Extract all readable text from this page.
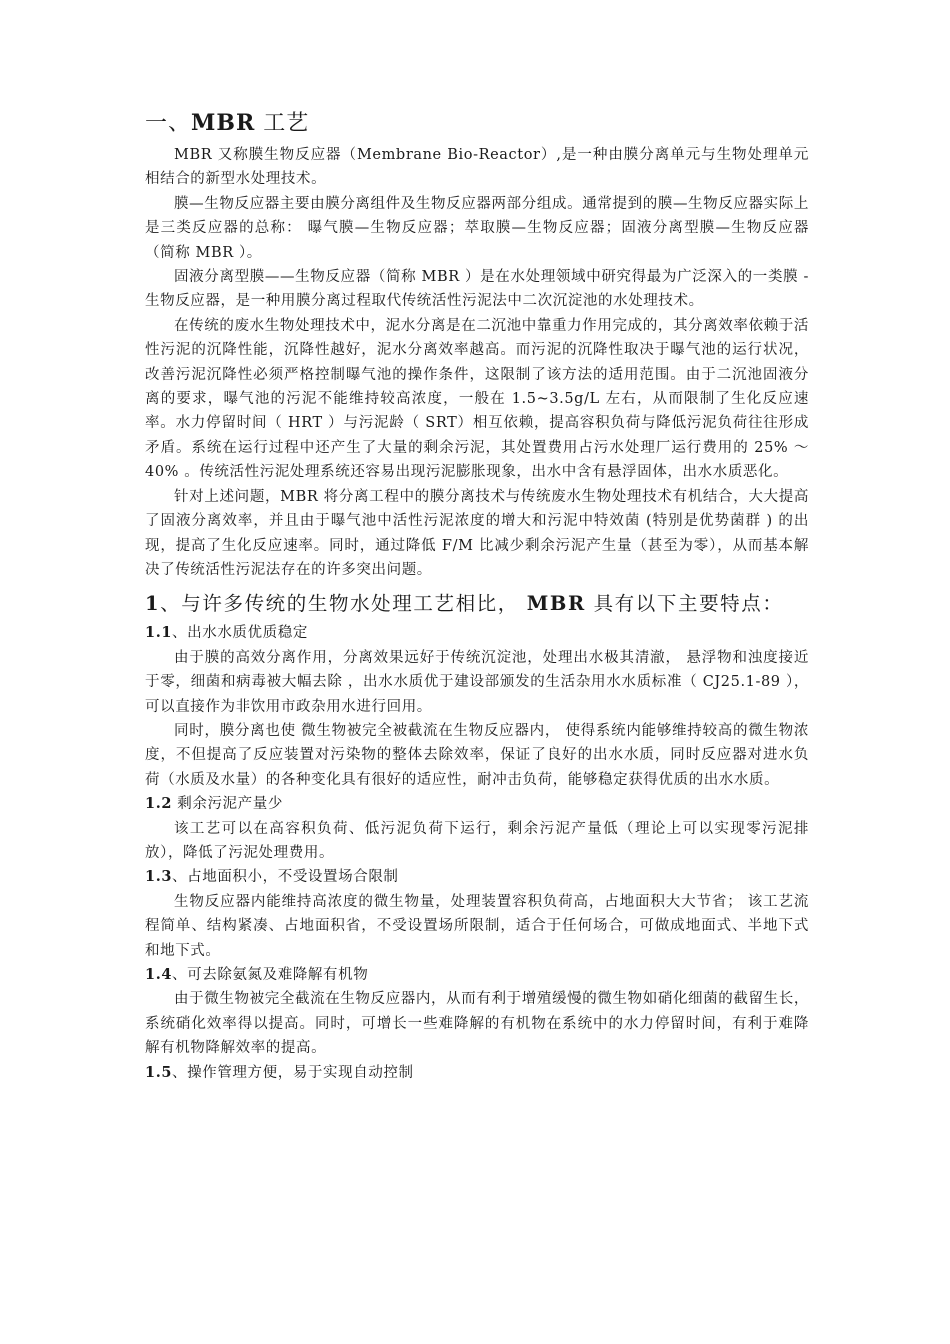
一、MBR 工艺

MBR 又称膜生物反应器（Membrane Bio-Reactor）,是一种由膜分离单元与生物处理单元相结合的新型水处理技术。

膜—生物反应器主要由膜分离组件及生物反应器两部分组成。通常提到的膜—生物反应器实际上是三类反应器的总称： 曝气膜—生物反应器；萃取膜—生物反应器；固液分离型膜—生物反应器（简称 MBR ）。

固液分离型膜——生物反应器（简称 MBR ）是在水处理领域中研究得最为广泛深入的一类膜 -生物反应器，是一种用膜分离过程取代传统活性污泥法中二次沉淀池的水处理技术。

在传统的废水生物处理技术中，泥水分离是在二沉池中靠重力作用完成的，其分离效率依赖于活性污泥的沉降性能，沉降性越好，泥水分离效率越高。而污泥的沉降性取决于曝气池的运行状况，改善污泥沉降性必须严格控制曝气池的操作条件，这限制了该方法的适用范围。由于二沉池固液分离的要求，曝气池的污泥不能维持较高浓度，一般在 1.5~3.5g/L 左右，从而限制了生化反应速率。水力停留时间（ HRT ）与污泥龄（ SRT）相互依赖，提高容积负荷与降低污泥负荷往往形成矛盾。系统在运行过程中还产生了大量的剩余污泥，其处置费用占污水处理厂运行费用的 25% ～40% 。传统活性污泥处理系统还容易出现污泥膨胀现象，出水中含有悬浮固体，出水水质恶化。

针对上述问题，MBR 将分离工程中的膜分离技术与传统废水生物处理技术有机结合，大大提高了固液分离效率，并且由于曝气池中活性污泥浓度的增大和污泥中特效菌 (特别是优势菌群 ) 的出现，提高了生化反应速率。同时，通过降低 F/M 比减少剩余污泥产生量（甚至为零），从而基本解决了传统活性污泥法存在的许多突出问题。

1、与许多传统的生物水处理工艺相比， MBR 具有以下主要特点：
1.1、出水水质优质稳定

由于膜的高效分离作用，分离效果远好于传统沉淀池，处理出水极其清澈， 悬浮物和浊度接近于零，细菌和病毒被大幅去除 ，出水水质优于建设部颁发的生活杂用水水质标准（ CJ25.1-89 ），可以直接作为非饮用市政杂用水进行回用。

同时，膜分离也使 微生物被完全被截流在生物反应器内， 使得系统内能够维持较高的微生物浓度，不但提高了反应装置对污染物的整体去除效率，保证了良好的出水水质，同时反应器对进水负荷（水质及水量）的各种变化具有很好的适应性，耐冲击负荷，能够稳定获得优质的出水水质。

1.2 剩余污泥产量少

该工艺可以在高容积负荷、低污泥负荷下运行，剩余污泥产量低（理论上可以实现零污泥排放），降低了污泥处理费用。

1.3、占地面积小，不受设置场合限制

生物反应器内能维持高浓度的微生物量，处理装置容积负荷高，占地面积大大节省； 该工艺流程简单、结构紧凑、占地面积省，不受设置场所限制，适合于任何场合，可做成地面式、半地下式和地下式。

1.4、可去除氨氮及难降解有机物

由于微生物被完全截流在生物反应器内，从而有利于增殖缓慢的微生物如硝化细菌的截留生长，系统硝化效率得以提高。同时，可增长一些难降解的有机物在系统中的水力停留时间，有利于难降解有机物降解效率的提高。

1.5、操作管理方便，易于实现自动控制
